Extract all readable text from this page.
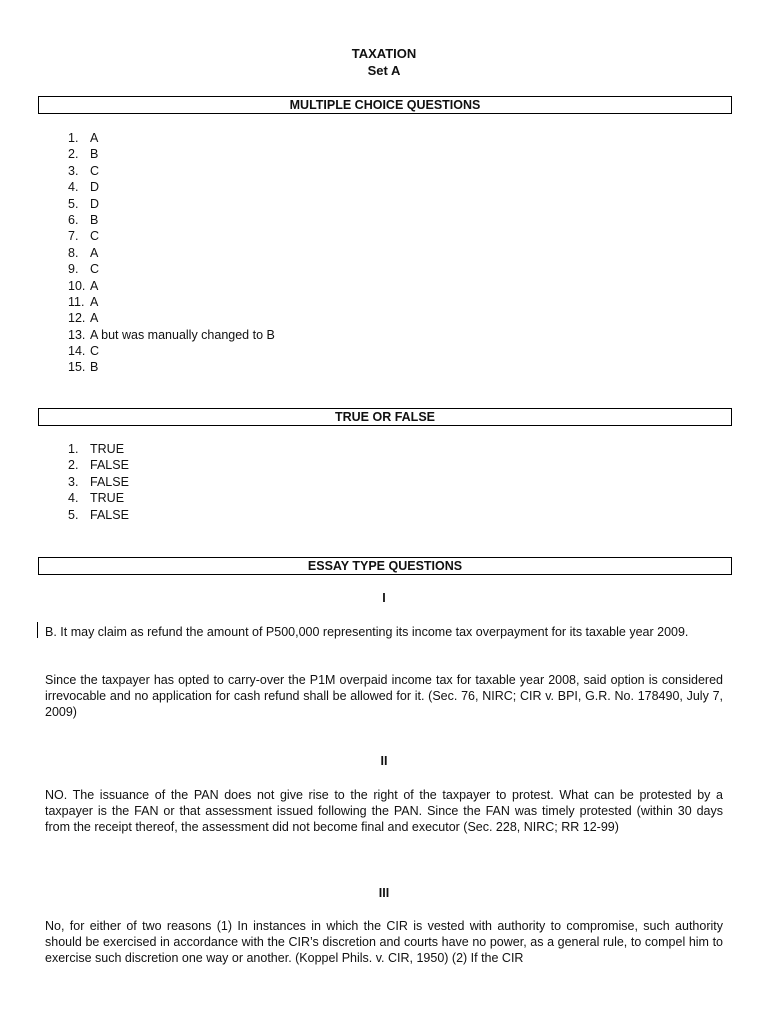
TAXATION
Set A
MULTIPLE CHOICE QUESTIONS
1. A
2. B
3. C
4. D
5. D
6. B
7. C
8. A
9. C
10. A
11. A
12. A
13. A but was manually changed to B
14. C
15. B
TRUE OR FALSE
1. TRUE
2. FALSE
3. FALSE
4. TRUE
5. FALSE
ESSAY TYPE QUESTIONS
I

B. It may claim as refund the amount of P500,000 representing its income tax overpayment for its taxable year 2009.

Since the taxpayer has opted to carry-over the P1M overpaid income tax for taxable year 2008, said option is considered irrevocable and no application for cash refund shall be allowed for it. (Sec. 76, NIRC; CIR v. BPI, G.R. No. 178490, July 7, 2009)

II

NO. The issuance of the PAN does not give rise to the right of the taxpayer to protest. What can be protested by a taxpayer is the FAN or that assessment issued following the PAN. Since the FAN was timely protested (within 30 days from the receipt thereof, the assessment did not become final and executor (Sec. 228, NIRC; RR 12-99)

III

No, for either of two reasons (1) In instances in which the CIR is vested with authority to compromise, such authority should be exercised in accordance with the CIR’s discretion and courts have no power, as a general rule, to compel him to exercise such discretion one way or another. (Koppel Phils. v. CIR, 1950) (2) If the CIR
